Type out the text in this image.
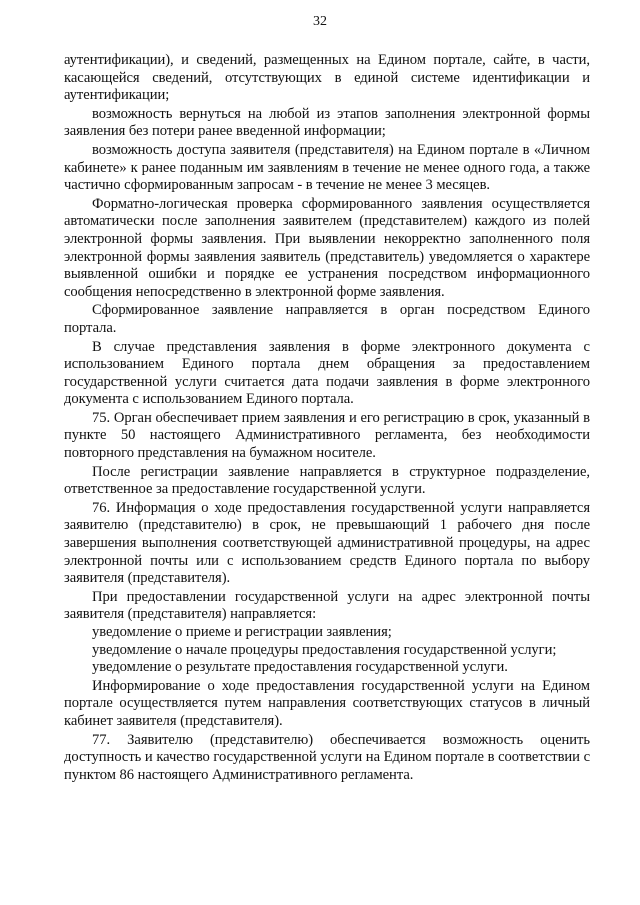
32

аутентификации), и сведений, размещенных на Едином портале, сайте, в части, касающейся сведений, отсутствующих в единой системе идентификации и аутентификации;

возможность вернуться на любой из этапов заполнения электронной формы заявления без потери ранее введенной информации;

возможность доступа заявителя (представителя) на Едином портале в «Личном кабинете» к ранее поданным им заявлениям в течение не менее одного года, а также частично сформированным запросам - в течение не менее 3 месяцев.

Форматно-логическая проверка сформированного заявления осуществляется автоматически после заполнения заявителем (представителем) каждого из полей электронной формы заявления. При выявлении некорректно заполненного поля электронной формы заявления заявитель (представитель) уведомляется о характере выявленной ошибки и порядке ее устранения посредством информационного сообщения непосредственно в электронной форме заявления.

Сформированное заявление направляется в орган посредством Единого портала.

В случае представления заявления в форме электронного документа с использованием Единого портала днем обращения за предоставлением государственной услуги считается дата подачи заявления в форме электронного документа с использованием Единого портала.

75. Орган обеспечивает прием заявления и его регистрацию в срок, указанный в пункте 50 настоящего Административного регламента, без необходимости повторного представления на бумажном носителе.

После регистрации заявление направляется в структурное подразделение, ответственное за предоставление государственной услуги.

76. Информация о ходе предоставления государственной услуги направляется заявителю (представителю) в срок, не превышающий 1 рабочего дня после завершения выполнения соответствующей административной процедуры, на адрес электронной почты или с использованием средств Единого портала по выбору заявителя (представителя).

При предоставлении государственной услуги на адрес электронной почты заявителя (представителя) направляется:

уведомление о приеме и регистрации заявления;

уведомление о начале процедуры предоставления государственной услуги;

уведомление о результате предоставления государственной услуги.

Информирование о ходе предоставления государственной услуги на Едином портале осуществляется путем направления соответствующих статусов в личный кабинет заявителя (представителя).

77. Заявителю (представителю) обеспечивается возможность оценить доступность и качество государственной услуги на Едином портале в соответствии с пунктом 86 настоящего Административного регламента.
